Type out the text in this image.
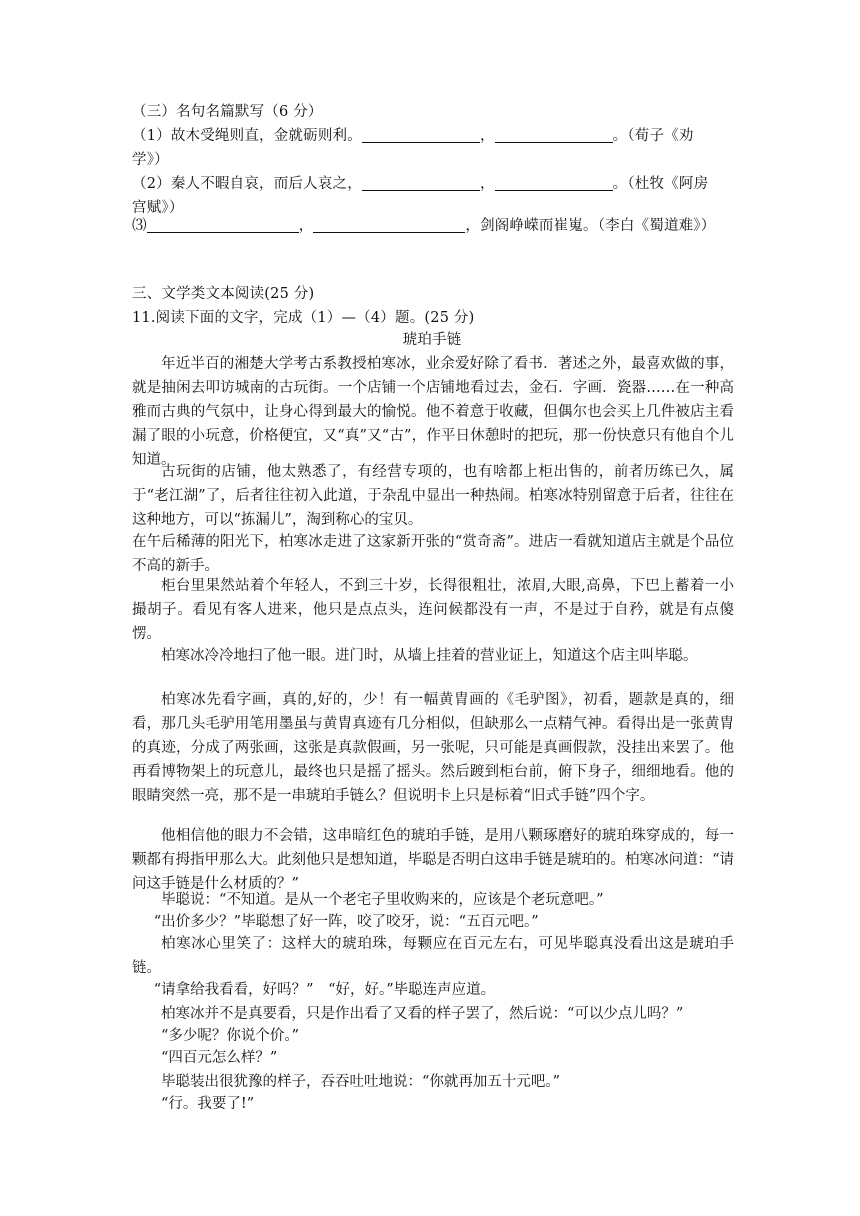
（三）名句名篇默写（6 分）
（1）故木受绳则直，金就砺则利。	，	。（荀子《劝
学》）
（2）秦人不暇自哀，而后人哀之，	，	。（杜牧《阿房
宫赋》）
⑶	，	，剑阁峥嵘而崔嵬。（李白《蜀道难》）
三、文学类文本阅读(25 分)
11.阅读下面的文字，完成（1）—（4）题。(25 分)
琥珀手链
年近半百的湘楚大学考古系教授柏寒冰，业余爱好除了看书．著述之外，最喜欢做的事，就是抽闲去叩访城南的古玩街。一个店铺一个店铺地看过去，金石．字画．瓷器……在一种高雅而古典的气氛中，让身心得到最大的愉悦。他不着意于收藏，但偶尔也会买上几件被店主看漏了眼的小玩意，价格便宜，又“真”又“古”，作平日休憩时的把玩，那一份快意只有他自个儿知道。
古玩街的店铺，他太熟悉了，有经营专项的，也有啥都上柜出售的，前者历练已久，属于“老江湖”了，后者往往初入此道，于杂乱中显出一种热闹。柏寒冰特别留意于后者，往往在这种地方，可以“拣漏儿”，淘到称心的宝贝。
在午后稀薄的阳光下，柏寒冰走进了这家新开张的“赏奇斋”。进店一看就知道店主就是个品位不高的新手。
柜台里果然站着个年轻人，不到三十岁，长得很粗壮，浓眉,大眼,高鼻，下巴上蓄着一小撮胡子。看见有客人进来，他只是点点头，连问候都没有一声，不是过于自矜，就是有点傻愣。
柏寒冰冷冷地扫了他一眼。进门时，从墙上挂着的营业证上，知道这个店主叫毕聪。
柏寒冰先看字画，真的,好的，少！有一幅黄胄画的《毛驴图》，初看，题款是真的，细看，那几头毛驴用笔用墨虽与黄胄真迹有几分相似，但缺那么一点精气神。看得出是一张黄胄的真迹，分成了两张画，这张是真款假画，另一张呢，只可能是真画假款，没挂出来罢了。他再看博物架上的玩意儿，最终也只是摇了摇头。然后踱到柜台前，俯下身子，细细地看。他的眼睛突然一亮，那不是一串琥珀手链么？但说明卡上只是标着“旧式手链”四个字。
他相信他的眼力不会错，这串暗红色的琥珀手链，是用八颗琢磨好的琥珀珠穿成的，每一颗都有拇指甲那么大。此刻他只是想知道，毕聪是否明白这串手链是琥珀的。柏寒冰问道：“请问这手链是什么材质的？”
毕聪说：“不知道。是从一个老宅子里收购来的，应该是个老玩意吧。”
“出价多少？”毕聪想了好一阵，咬了咬牙，说：“五百元吧。”
柏寒冰心里笑了：这样大的琥珀珠，每颗应在百元左右，可见毕聪真没看出这是琥珀手链。
“请拿给我看看，好吗？”　“好，好。”毕聪连声应道。
柏寒冰并不是真要看，只是作出看了又看的样子罢了，然后说：“可以少点儿吗？”
“多少呢？你说个价。”
“四百元怎么样？”
毕聪装出很犹豫的样子，吞吞吐吐地说：“你就再加五十元吧。”
“行。我要了!”
